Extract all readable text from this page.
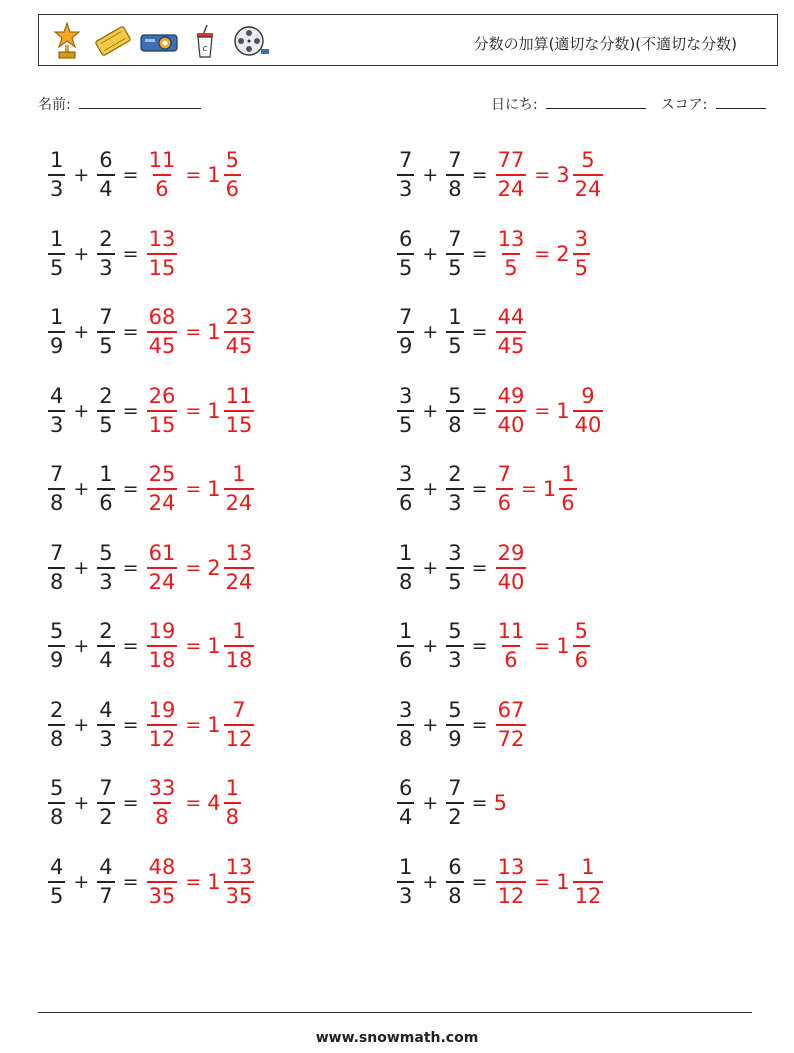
c	分数の加算(適切な分数)(不適切な分数)
名前:	日にち:	スコア:
$\frac{1}{3} + \frac{6}{4} = \frac{11}{6} = 1 \frac{5}{6}$	$\frac{7}{3} + \frac{7}{8} = \frac{77}{24} = 3 \frac{5}{24}$
$\frac{1}{5} + \frac{2}{3} = \frac{13}{15}$	$\frac{6}{5} + \frac{7}{5} = \frac{13}{5} = 2 \frac{3}{5}$
$\frac{1}{9} + \frac{7}{5} = \frac{68}{45} = 1 \frac{23}{45}$	$\frac{7}{9} + \frac{1}{5} = \frac{44}{45}$
$\frac{4}{3} + \frac{2}{5} = \frac{26}{15} = 1 \frac{11}{15}$	$\frac{3}{5} + \frac{5}{8} = \frac{49}{40} = 1 \frac{9}{40}$
$\frac{7}{8} + \frac{1}{6} = \frac{25}{24} = 1 \frac{1}{24}$	$\frac{3}{6} + \frac{2}{3} = \frac{7}{6} = 1 \frac{1}{6}$
$\frac{7}{8} + \frac{5}{3} = \frac{61}{24} = 2 \frac{13}{24}$	$\frac{1}{8} + \frac{3}{5} = \frac{29}{40}$
$\frac{5}{9} + \frac{2}{4} = \frac{19}{18} = 1 \frac{1}{18}$	$\frac{1}{6} + \frac{5}{3} = \frac{11}{6} = 1 \frac{5}{6}$
$\frac{2}{8} + \frac{4}{3} = \frac{19}{12} = 1 \frac{7}{12}$	$\frac{3}{8} + \frac{5}{9} = \frac{67}{72}$
$\frac{5}{8} + \frac{7}{2} = \frac{33}{8} = 4 \frac{1}{8}$	$\frac{6}{4} + \frac{7}{2} = 5$
$\frac{4}{5} + \frac{4}{7} = \frac{48}{35} = 1 \frac{13}{35}$	$\frac{1}{3} + \frac{6}{8} = \frac{13}{12} = 1 \frac{1}{12}$
www.snowmath.com
